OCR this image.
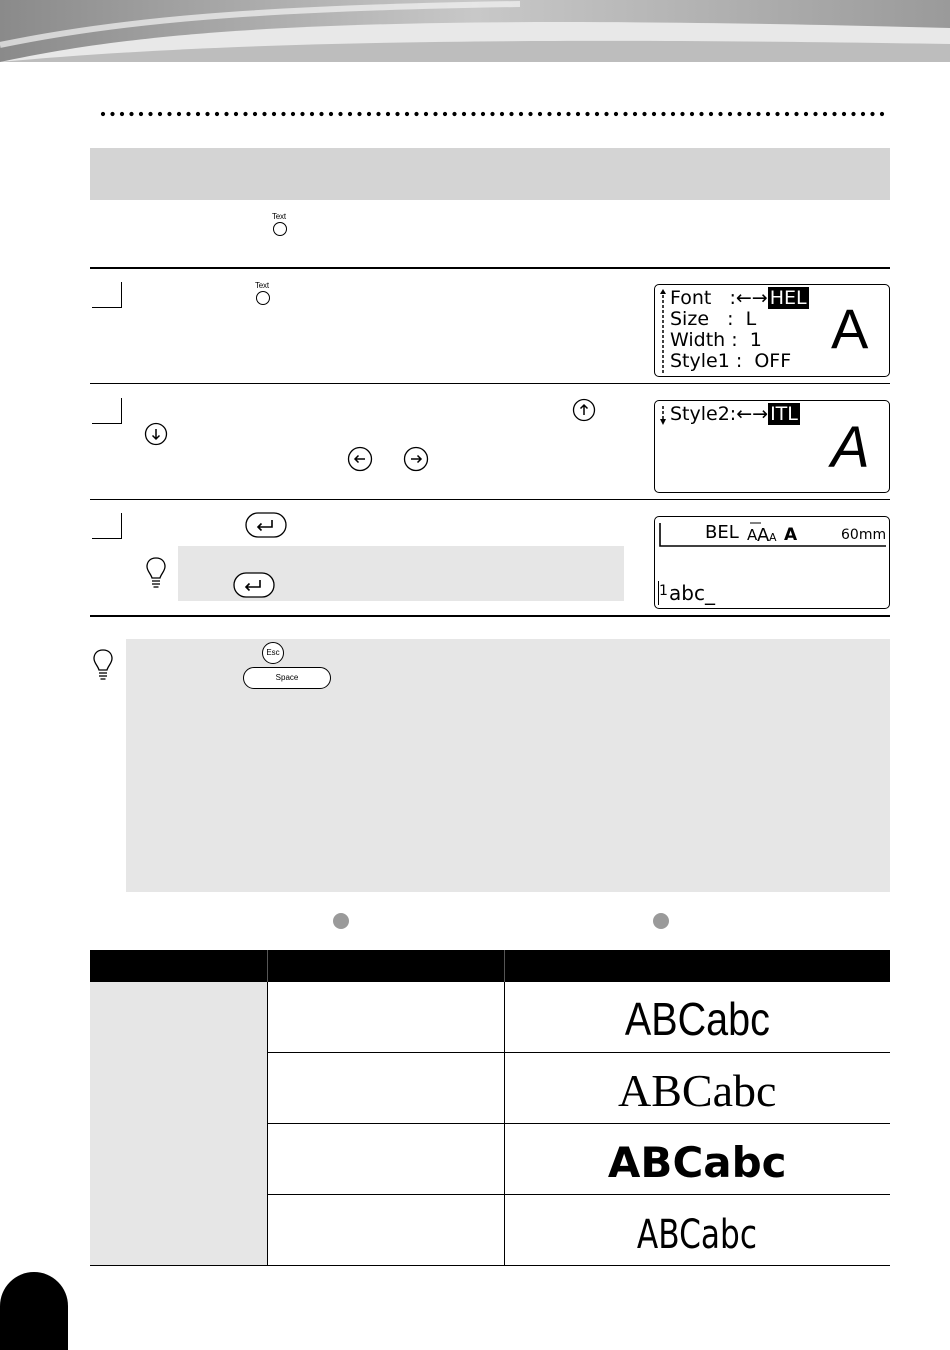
Text
Text
Font   :←→ HEL
Size   :  L
Width :  1
Style1 :  OFF
A
Style2:←→ ITL
A
BEL A A A A	60mm
1 abc_
Esc
Space

		ABCabc
		ABCabc
		ABCabc
		ABCabc
